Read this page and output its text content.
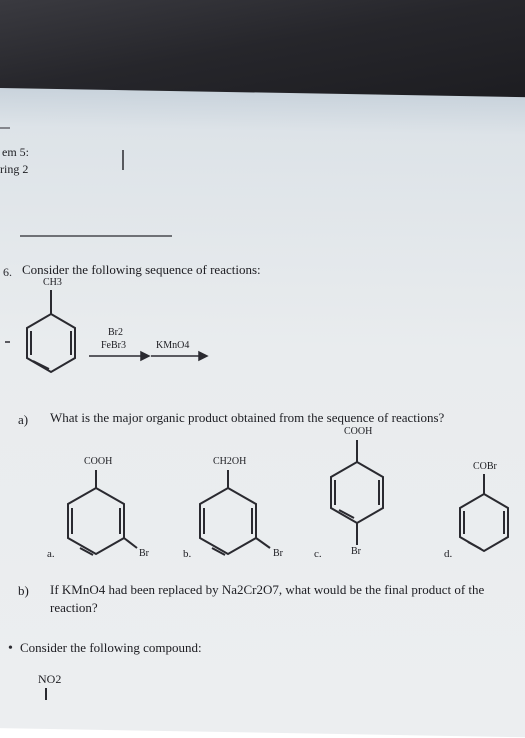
6.
•
em 5:
ring 2
Consider the following sequence of reactions:
CH3
Br2
FeBr3	KMnO4
a) What is the major organic product obtained from the sequence of reactions?
COOH
Br
a.
CH2OH
Br
b.
COOH
Br
c.
COBr
d.
b) If KMnO4 had been replaced by Na2Cr2O7, what would be the final product of the
reaction?
Consider the following compound:
NO2
